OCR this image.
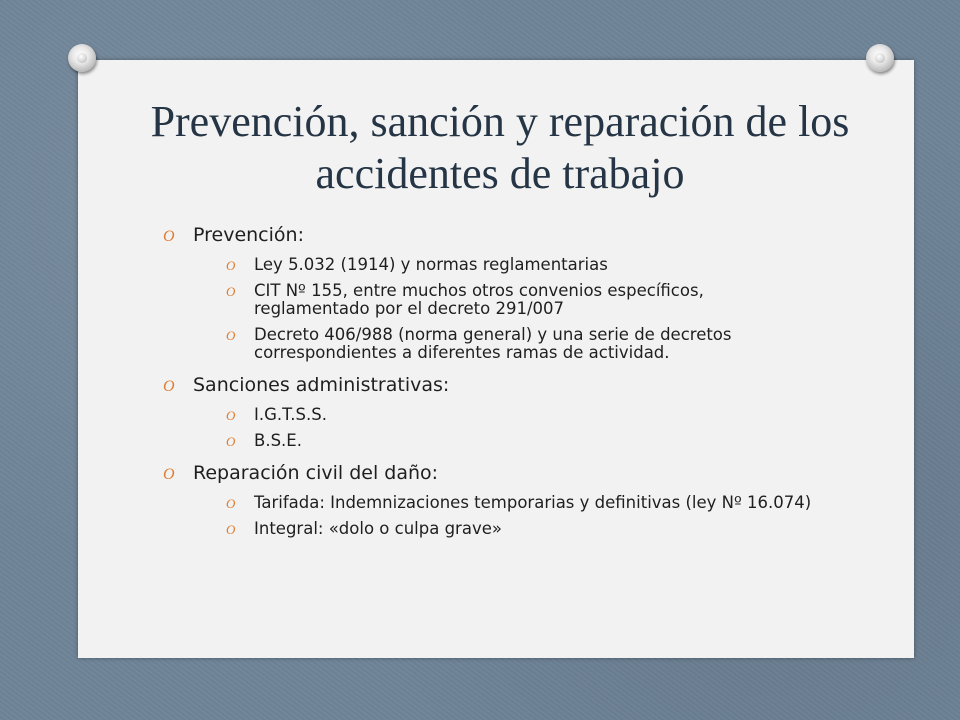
Prevención, sanción y reparación de los accidentes de trabajo
O Prevención:
O Ley 5.032 (1914) y normas reglamentarias
O CIT Nº 155, entre muchos otros convenios específicos, reglamentado por el decreto 291/007
O Decreto 406/988 (norma general) y una serie de decretos correspondientes a diferentes ramas de actividad.
O Sanciones administrativas:
O I.G.T.S.S.
O B.S.E.
O Reparación civil del daño:
O Tarifada: Indemnizaciones temporarias y definitivas (ley Nº 16.074)
O Integral: «dolo o culpa grave»
